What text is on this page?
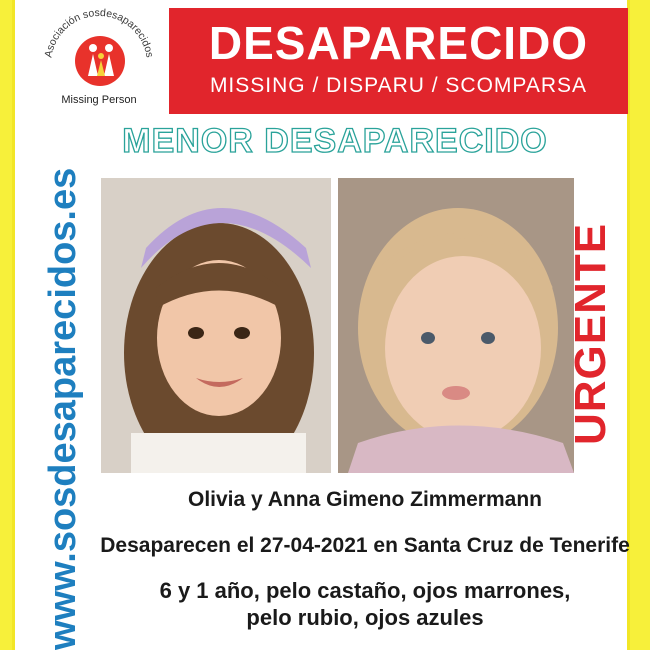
Asociación sosdesaparecidos
Missing Person
DESAPARECIDO
MISSING / DISPARU / SCOMPARSA
MENOR DESAPARECIDO
Olivia y Anna Gimeno Zimmermann
Desaparecen el 27-04-2021 en Santa Cruz de Tenerife
6 y 1 año, pelo castaño, ojos marrones,
pelo rubio, ojos azules
www.sosdesaparecidos.es	URGENTE
